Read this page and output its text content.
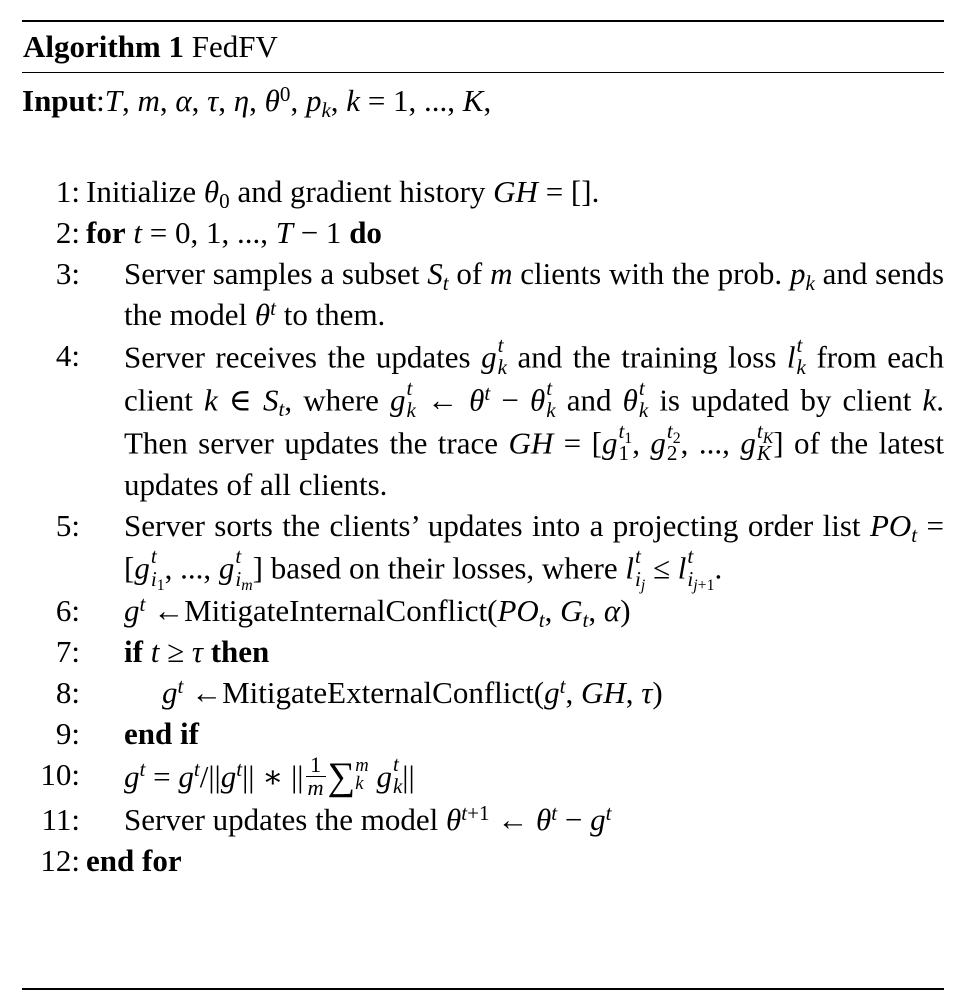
Algorithm 1 FedFV
Input:T, m, α, τ, η, $\theta^0$, $p_k$, k = 1, ..., K,
1: Initialize $\theta_0$ and gradient history GH = [].
2: for t = 0, 1, ..., T − 1 do
3: Server samples a subset $S_t$ of m clients with the prob. $p_k$ and sends the model $\theta^t$ to them.
4: Server receives the updates g t
k and the training loss l t
k from each client k ∈ $S_t$, where g t
k ← $\theta^t - \theta$ t
k and θ t
k is updated by client k. Then server updates the trace GH = [g $t_1$
1 , g $t_2$
2 , ..., g $t_K$
K ] of the latest updates of all clients.
5: Server sorts the clients’ updates into a projecting order list $PO_t = [g$ t
$i_1$ , ..., g t
$i_m$ ] based on their losses, where l t
$i_j \le l$ t
$i_{j+1}$ .
6: $g^t$ $\leftarrow MitigateInternalConflict(PO_t$, $G_t$, α)
7: if t ≥ τ then
8:	$g^t$ $\leftarrow MitigateExternalConflict(g^t$, GH, τ)
9: end if
10: $g^t = g^t/||g^t||$ ∗ || $\frac{1}{m}$ ∑ m
k g t
k ||
11: Server updates the model $\theta^{t+1}$ ← $\theta^t - g^t$
12: end for
